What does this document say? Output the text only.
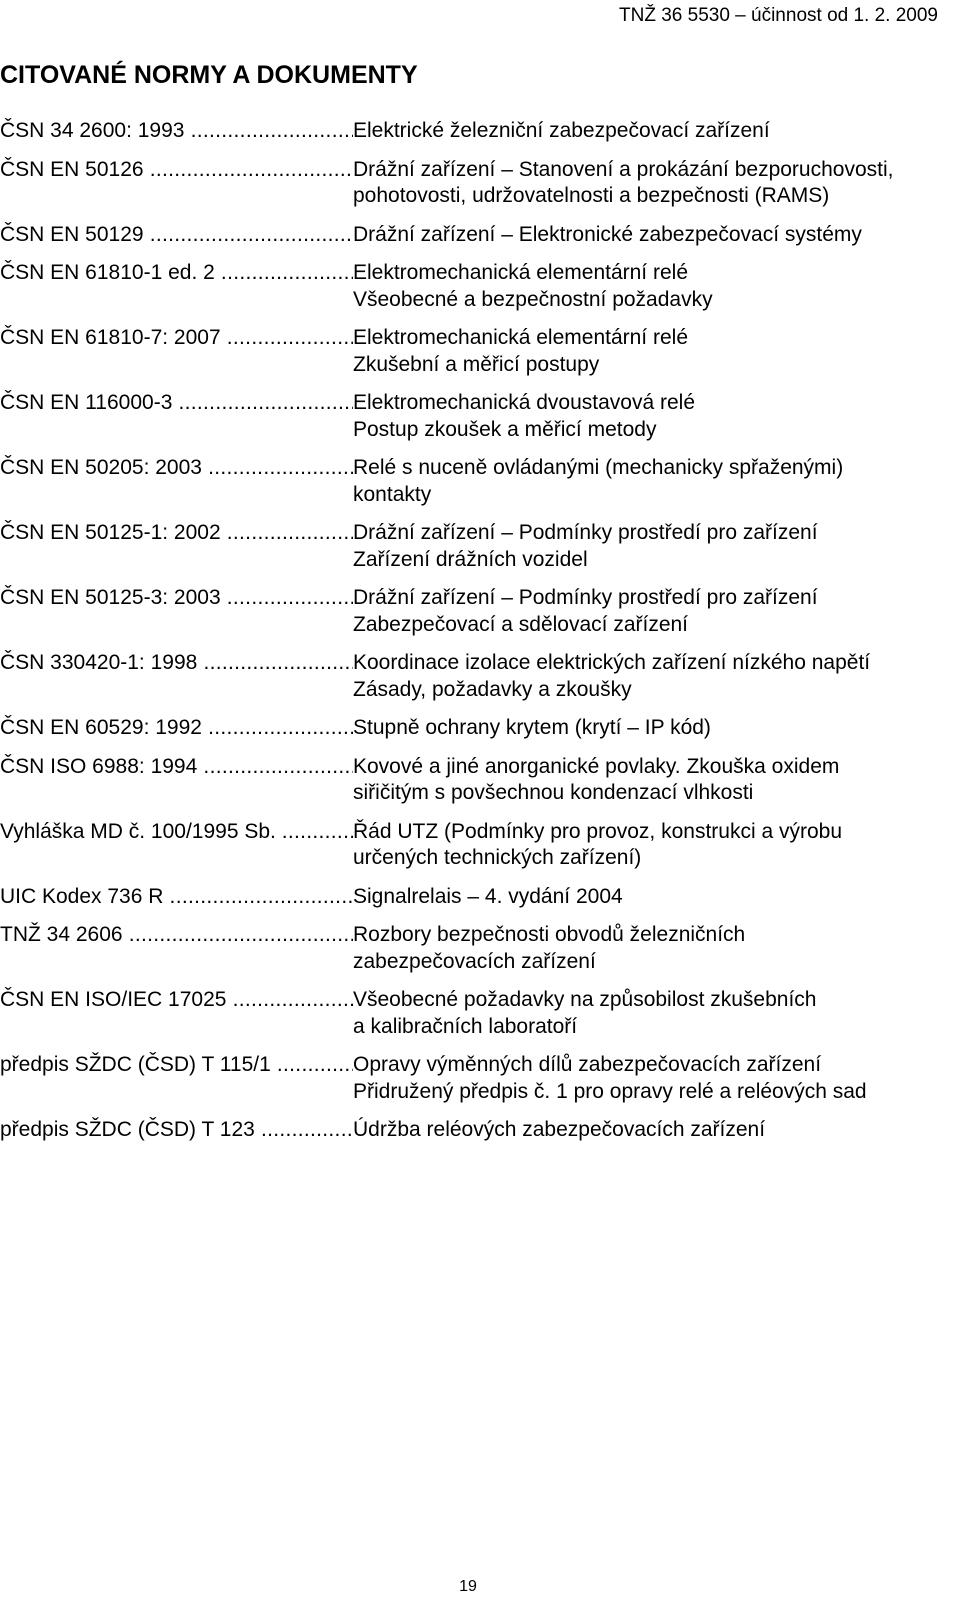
TNŽ 36 5530 – účinnost od 1. 2. 2009
CITOVANÉ NORMY A DOKUMENTY
ČSN 34 2600: 1993 .....	Elektrické železniční zabezpečovací zařízení
ČSN EN 50126 .....	Drážní zařízení – Stanovení a prokázání bezporuchovosti,
pohotovosti, udržovatelnosti a bezpečnosti (RAMS)
ČSN EN 50129 .....	Drážní zařízení – Elektronické zabezpečovací systémy
ČSN EN 61810-1 ed. 2 .....	Elektromechanická elementární relé
Všeobecné a bezpečnostní požadavky
ČSN EN 61810-7: 2007 .....	Elektromechanická elementární relé
Zkušební a měřicí postupy
ČSN EN 116000-3 .....	Elektromechanická dvoustavová relé
Postup zkoušek a měřicí metody
ČSN EN 50205: 2003 .....	Relé s nuceně ovládanými (mechanicky spřaženými)
kontakty
ČSN EN 50125-1: 2002 .....	Drážní zařízení – Podmínky prostředí pro zařízení
Zařízení drážních vozidel
ČSN EN 50125-3: 2003 .....	Drážní zařízení – Podmínky prostředí pro zařízení
Zabezpečovací a sdělovací zařízení
ČSN 330420-1: 1998 .....	Koordinace izolace elektrických zařízení nízkého napětí
Zásady, požadavky a zkoušky
ČSN EN 60529: 1992 .....	Stupně ochrany krytem (krytí – IP kód)
ČSN ISO 6988: 1994 .....	Kovové a jiné anorganické povlaky. Zkouška oxidem
siřičitým s povšechnou kondenzací vlhkosti
Vyhláška MD č. 100/1995 Sb. .....	Řád UTZ (Podmínky pro provoz, konstrukci a výrobu
určených technických zařízení)
UIC Kodex 736 R .....	Signalrelais – 4. vydání 2004
TNŽ 34 2606 .....	Rozbory bezpečnosti obvodů železničních
zabezpečovacích zařízení
ČSN EN ISO/IEC 17025 .....	Všeobecné požadavky na způsobilost zkušebních
a kalibračních laboratoří
předpis SŽDC (ČSD) T 115/1 .....	Opravy výměnných dílů zabezpečovacích zařízení
Přidružený předpis č. 1 pro opravy relé a reléových sad
předpis SŽDC (ČSD) T 123 .....	Údržba reléových zabezpečovacích zařízení
19
